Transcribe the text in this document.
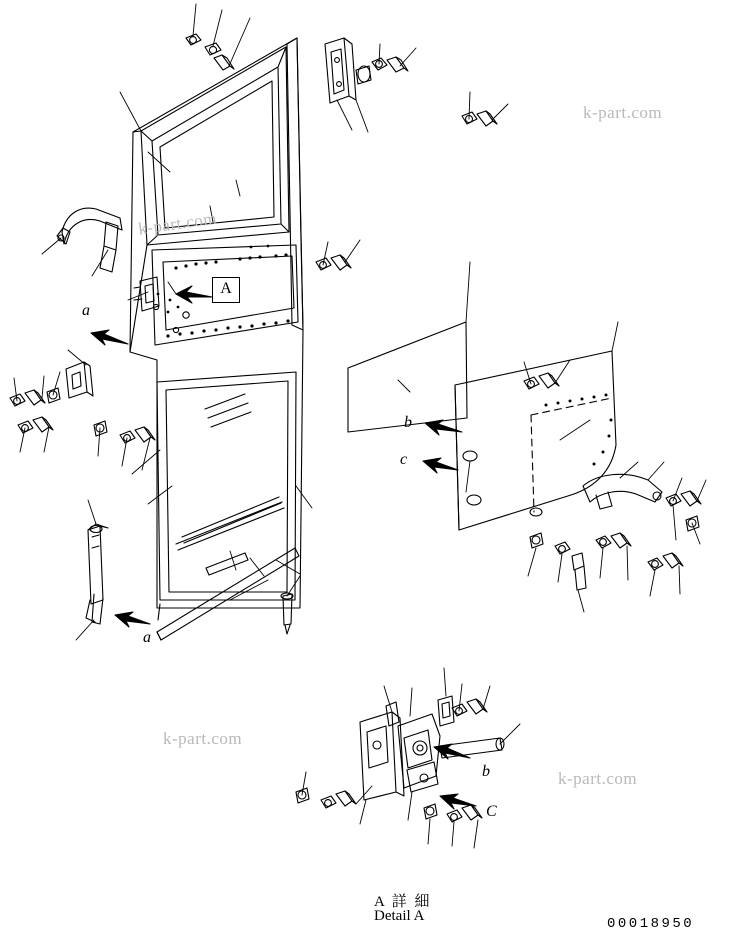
k-part.com
k-part.com
k-part.com
k-part.com
a
a
b
c
b
C
A
A 詳 細
Detail A	00018950
